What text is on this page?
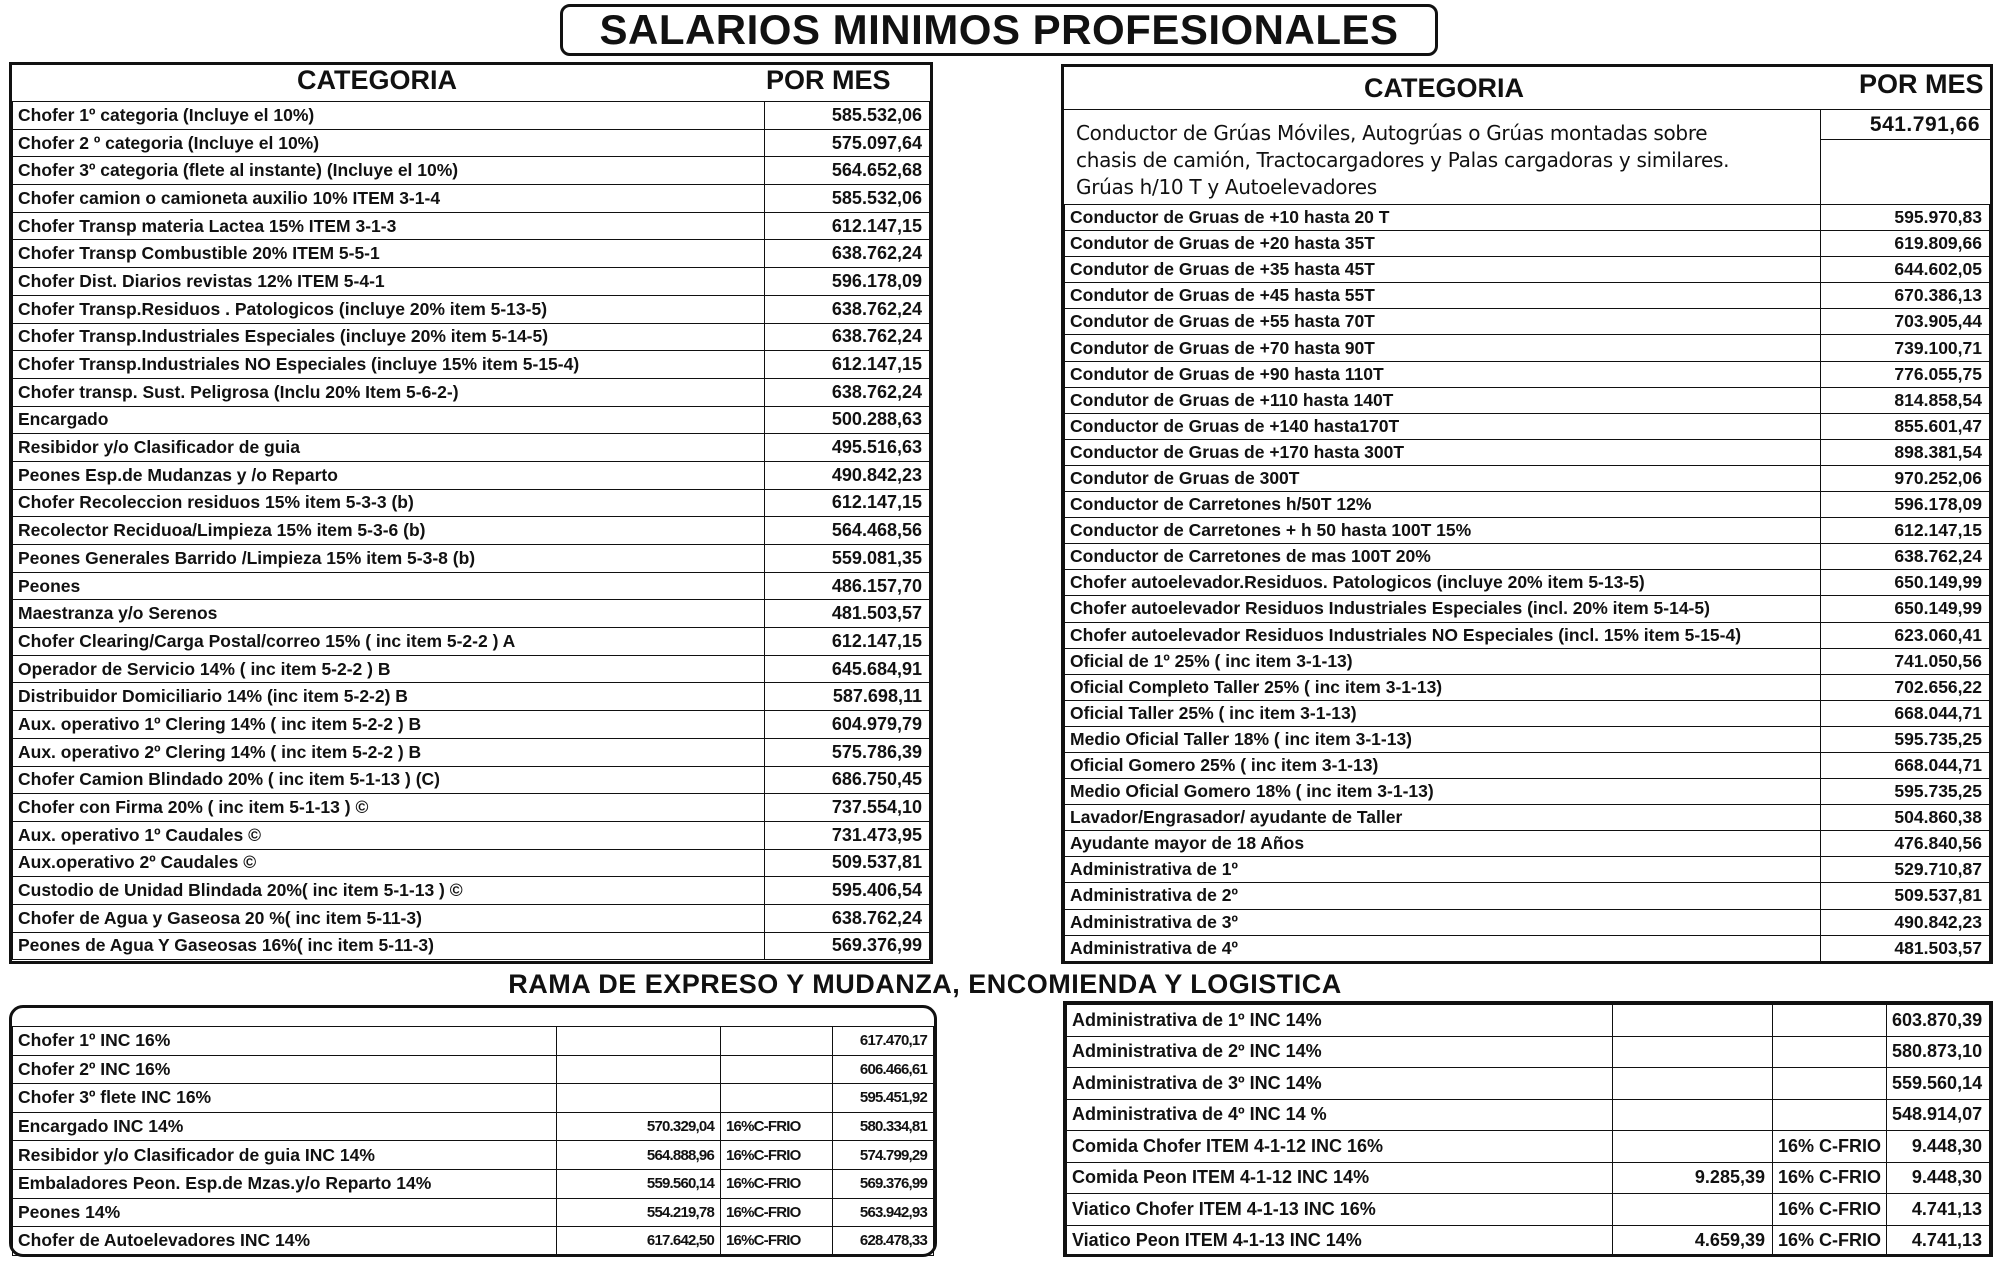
SALARIOS MINIMOS PROFESIONALES
CATEGORIA	POR MES
Chofer 1º categoria (Incluye el 10%)	585.532,06
Chofer 2 º categoria (Incluye el 10%)	575.097,64
Chofer 3º categoria (flete al instante) (Incluye el 10%)	564.652,68
Chofer camion o camioneta auxilio 10% ITEM 3-1-4	585.532,06
Chofer Transp materia Lactea 15% ITEM 3-1-3	612.147,15
Chofer Transp Combustible 20% ITEM 5-5-1	638.762,24
Chofer Dist. Diarios revistas 12% ITEM 5-4-1	596.178,09
Chofer Transp.Residuos . Patologicos (incluye 20% item 5-13-5)	638.762,24
Chofer Transp.Industriales Especiales (incluye 20% item 5-14-5)	638.762,24
Chofer Transp.Industriales NO Especiales (incluye 15% item 5-15-4)	612.147,15
Chofer transp. Sust. Peligrosa (Inclu 20% Item 5-6-2-)	638.762,24
Encargado	500.288,63
Resibidor y/o Clasificador de guia	495.516,63
Peones Esp.de Mudanzas y /o Reparto	490.842,23
Chofer Recoleccion residuos 15% item 5-3-3 (b)	612.147,15
Recolector Reciduoa/Limpieza 15% item 5-3-6 (b)	564.468,56
Peones Generales Barrido /Limpieza 15% item 5-3-8 (b)	559.081,35
Peones	486.157,70
Maestranza y/o Serenos	481.503,57
Chofer Clearing/Carga Postal/correo 15% ( inc item 5-2-2 ) A	612.147,15
Operador de Servicio 14% ( inc item 5-2-2 ) B	645.684,91
Distribuidor Domiciliario 14% (inc item 5-2-2) B	587.698,11
Aux. operativo 1º Clering 14% ( inc item 5-2-2 ) B	604.979,79
Aux. operativo 2º Clering 14% ( inc item 5-2-2 ) B	575.786,39
Chofer Camion Blindado 20% ( inc item 5-1-13 ) (C)	686.750,45
Chofer con Firma 20% ( inc item 5-1-13 ) ©	737.554,10
Aux. operativo 1º Caudales ©	731.473,95
Aux.operativo 2º Caudales ©	509.537,81
Custodio de Unidad Blindada 20%( inc item 5-1-13 ) ©	595.406,54
Chofer de Agua y Gaseosa 20 %( inc item 5-11-3)	638.762,24
Peones de Agua Y Gaseosas 16%( inc item 5-11-3)	569.376,99
CATEGORIA	POR MES
Conductor de Grúas Móviles, Autogrúas o Grúas montadas sobre
chasis de camión, Tractocargadores y Palas cargadoras y similares.
Grúas h/10 T y Autoelevadores
541.791,66
Conductor de Gruas de +10 hasta 20 T	595.970,83
Condutor de Gruas de +20 hasta 35T	619.809,66
Condutor de Gruas de +35 hasta 45T	644.602,05
Condutor de Gruas de +45 hasta 55T	670.386,13
Condutor de Gruas de +55 hasta 70T	703.905,44
Condutor de Gruas de +70 hasta 90T	739.100,71
Condutor de Gruas de +90 hasta 110T	776.055,75
Condutor de Gruas de +110 hasta 140T	814.858,54
Conductor de Gruas de +140 hasta170T	855.601,47
Conductor de Gruas de +170 hasta 300T	898.381,54
Condutor de Gruas de 300T	970.252,06
Conductor de Carretones h/50T 12%	596.178,09
Conductor de Carretones + h 50 hasta 100T 15%	612.147,15
Conductor de Carretones de mas 100T 20%	638.762,24
Chofer autoelevador.Residuos. Patologicos (incluye 20% item 5-13-5)	650.149,99
Chofer autoelevador Residuos Industriales Especiales (incl. 20% item 5-14-5)	650.149,99
Chofer autoelevador Residuos Industriales NO Especiales (incl. 15% item 5-15-4)	623.060,41
Oficial de 1º 25% ( inc item 3-1-13)	741.050,56
Oficial Completo Taller 25% ( inc item 3-1-13)	702.656,22
Oficial Taller 25% ( inc item 3-1-13)	668.044,71
Medio Oficial Taller 18% ( inc item 3-1-13)	595.735,25
Oficial Gomero 25% ( inc item 3-1-13)	668.044,71
Medio Oficial Gomero 18% ( inc item 3-1-13)	595.735,25
Lavador/Engrasador/ ayudante de Taller	504.860,38
Ayudante mayor de 18 Años	476.840,56
Administrativa de 1º	529.710,87
Administrativa de 2º	509.537,81
Administrativa de 3º	490.842,23
Administrativa de 4º	481.503,57
RAMA DE EXPRESO Y MUDANZA, ENCOMIENDA Y LOGISTICA
Chofer 1º INC 16%			617.470,17
Chofer 2º INC 16%			606.466,61
Chofer 3º flete INC 16%			595.451,92
Encargado INC 14%	570.329,04	16%C-FRIO	580.334,81
Resibidor y/o Clasificador de guia INC 14%	564.888,96	16%C-FRIO	574.799,29
Embaladores Peon. Esp.de Mzas.y/o Reparto 14%	559.560,14	16%C-FRIO	569.376,99
Peones 14%	554.219,78	16%C-FRIO	563.942,93
Chofer de Autoelevadores INC 14%	617.642,50	16%C-FRIO	628.478,33
Administrativa de 1º INC 14%			603.870,39
Administrativa de 2º INC 14%			580.873,10
Administrativa de 3º INC 14%			559.560,14
Administrativa de 4º INC 14 %			548.914,07
Comida Chofer ITEM 4-1-12 INC 16%		16% C-FRIO	9.448,30
Comida Peon ITEM 4-1-12 INC 14%	9.285,39	16% C-FRIO	9.448,30
Viatico Chofer ITEM 4-1-13 INC 16%		16% C-FRIO	4.741,13
Viatico Peon ITEM 4-1-13 INC 14%	4.659,39	16% C-FRIO	4.741,13
